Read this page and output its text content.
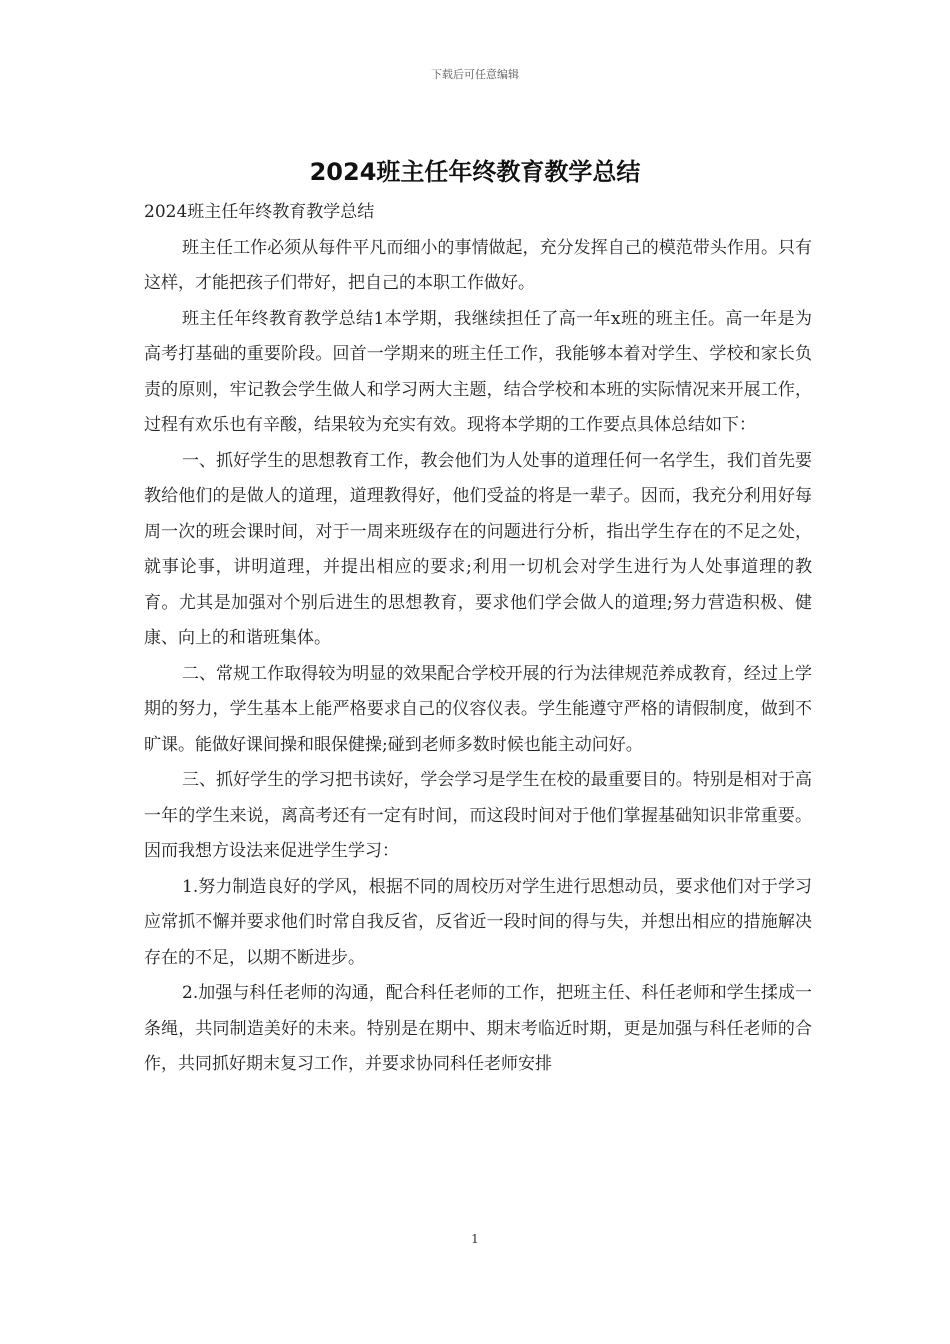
下载后可任意编辑
2024班主任年终教育教学总结

2024班主任年终教育教学总结

班主任工作必须从每件平凡而细小的事情做起，充分发挥自己的模范带头作用。只有这样，才能把孩子们带好，把自己的本职工作做好。

班主任年终教育教学总结1本学期，我继续担任了高一年x班的班主任。高一年是为高考打基础的重要阶段。回首一学期来的班主任工作，我能够本着对学生、学校和家长负责的原则，牢记教会学生做人和学习两大主题，结合学校和本班的实际情况来开展工作，过程有欢乐也有辛酸，结果较为充实有效。现将本学期的工作要点具体总结如下：

一、抓好学生的思想教育工作，教会他们为人处事的道理任何一名学生，我们首先要教给他们的是做人的道理，道理教得好，他们受益的将是一辈子。因而，我充分利用好每周一次的班会课时间，对于一周来班级存在的问题进行分析，指出学生存在的不足之处，就事论事，讲明道理，并提出相应的要求;利用一切机会对学生进行为人处事道理的教育。尤其是加强对个别后进生的思想教育，要求他们学会做人的道理;努力营造积极、健康、向上的和谐班集体。

二、常规工作取得较为明显的效果配合学校开展的行为法律规范养成教育，经过上学期的努力，学生基本上能严格要求自己的仪容仪表。学生能遵守严格的请假制度，做到不旷课。能做好课间操和眼保健操;碰到老师多数时候也能主动问好。

三、抓好学生的学习把书读好，学会学习是学生在校的最重要目的。特别是相对于高一年的学生来说，离高考还有一定有时间，而这段时间对于他们掌握基础知识非常重要。因而我想方设法来促进学生学习：

1.努力制造良好的学风，根据不同的周校历对学生进行思想动员，要求他们对于学习应常抓不懈并要求他们时常自我反省，反省近一段时间的得与失，并想出相应的措施解决存在的不足，以期不断进步。

2.加强与科任老师的沟通，配合科任老师的工作，把班主任、科任老师和学生揉成一条绳，共同制造美好的未来。特别是在期中、期末考临近时期，更是加强与科任老师的合作，共同抓好期末复习工作，并要求协同科任老师安排

1
